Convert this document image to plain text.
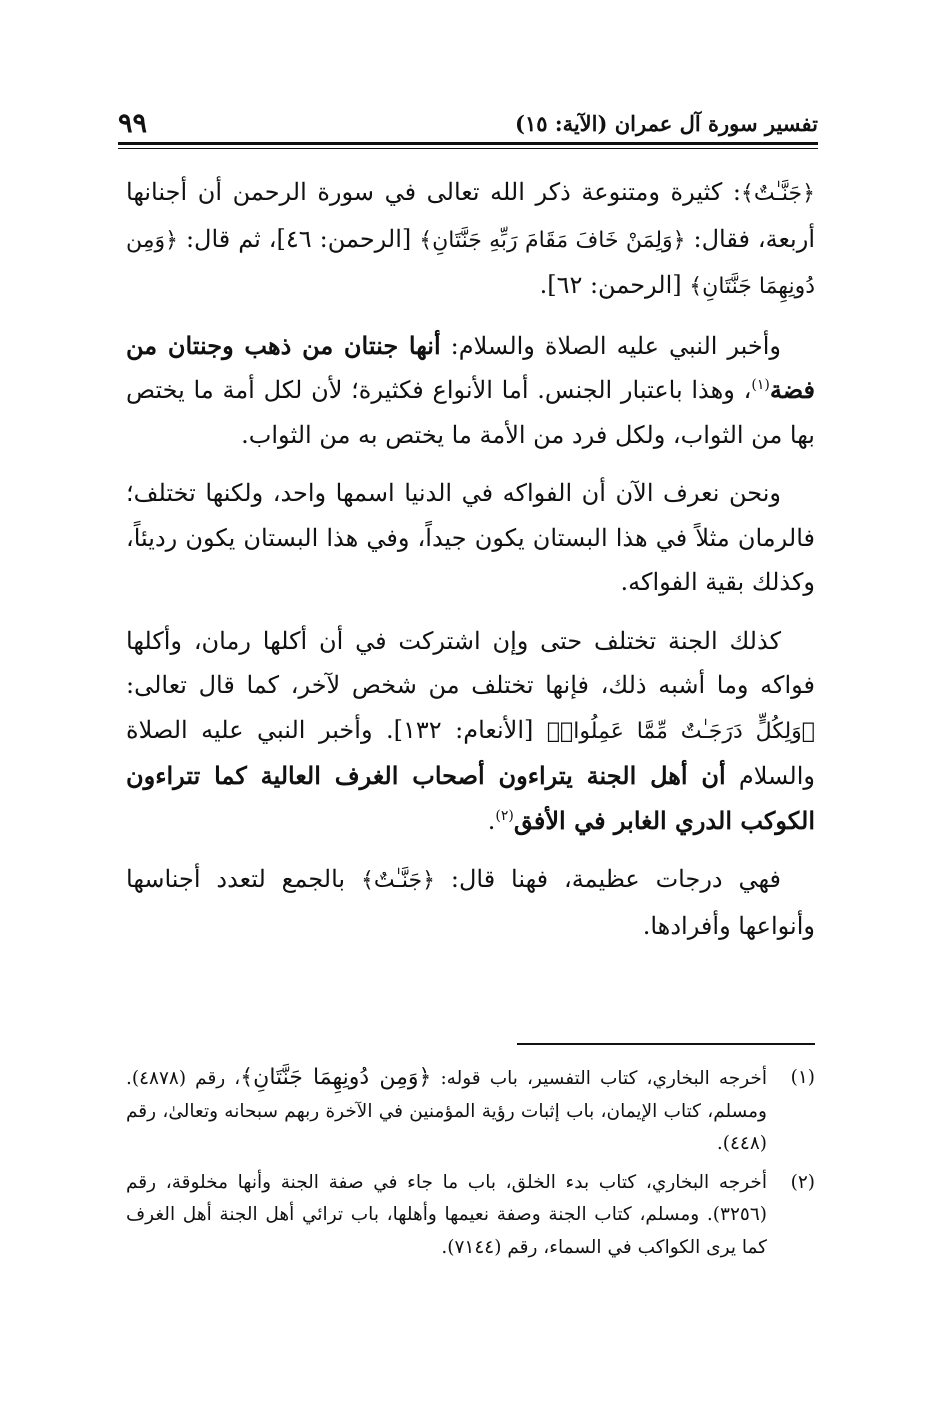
تفسير سورة آل عمران (الآية: ١٥)
٩٩

﴿جَنَّـٰتٌ﴾: كثيرة ومتنوعة ذكر الله تعالى في سورة الرحمن أن أجنانها أربعة، فقال: ﴿وَلِمَنْ خَافَ مَقَامَ رَبِّهِ جَنَّتَانِ﴾ [الرحمن: ٤٦]، ثم قال: ﴿وَمِن دُونِهِمَا جَنَّتَانِ﴾ [الرحمن: ٦٢].

وأخبر النبي عليه الصلاة والسلام: أنها جنتان من ذهب وجنتان من فضة$^{(١)}$، وهذا باعتبار الجنس. أما الأنواع فكثيرة؛ لأن لكل أمة ما يختص بها من الثواب، ولكل فرد من الأمة ما يختص به من الثواب.

ونحن نعرف الآن أن الفواكه في الدنيا اسمها واحد، ولكنها تختلف؛ فالرمان مثلاً في هذا البستان يكون جيداً، وفي هذا البستان يكون رديئاً، وكذلك بقية الفواكه.

كذلك الجنة تختلف حتى وإن اشتركت في أن أكلها رمان، وأكلها فواكه وما أشبه ذلك، فإنها تختلف من شخص لآخر، كما قال تعالى: ﴿وَلِكُلٍّ دَرَجَـٰتٌ مِّمَّا عَمِلُوا۟﴾ [الأنعام: ١٣٢]. وأخبر النبي عليه الصلاة والسلام أن أهل الجنة يتراءون أصحاب الغرف العالية كما تتراءون الكوكب الدري الغابر في الأفق$^{(٢)}$.

فهي درجات عظيمة، فهنا قال: ﴿جَنَّـٰتٌ﴾ بالجمع لتعدد أجناسها وأنواعها وأفرادها.

(١)
أخرجه البخاري، كتاب التفسير، باب قوله: ﴿وَمِن دُونِهِمَا جَنَّتَانِ﴾، رقم (٤٨٧٨). ومسلم، كتاب الإيمان، باب إثبات رؤية المؤمنين في الآخرة ربهم سبحانه وتعالىٰ، رقم (٤٤٨).
(٢)
أخرجه البخاري، كتاب بدء الخلق، باب ما جاء في صفة الجنة وأنها مخلوقة، رقم (٣٢٥٦). ومسلم، كتاب الجنة وصفة نعيمها وأهلها، باب ترائي أهل الجنة أهل الغرف كما يرى الكواكب في السماء، رقم (٧١٤٤).
